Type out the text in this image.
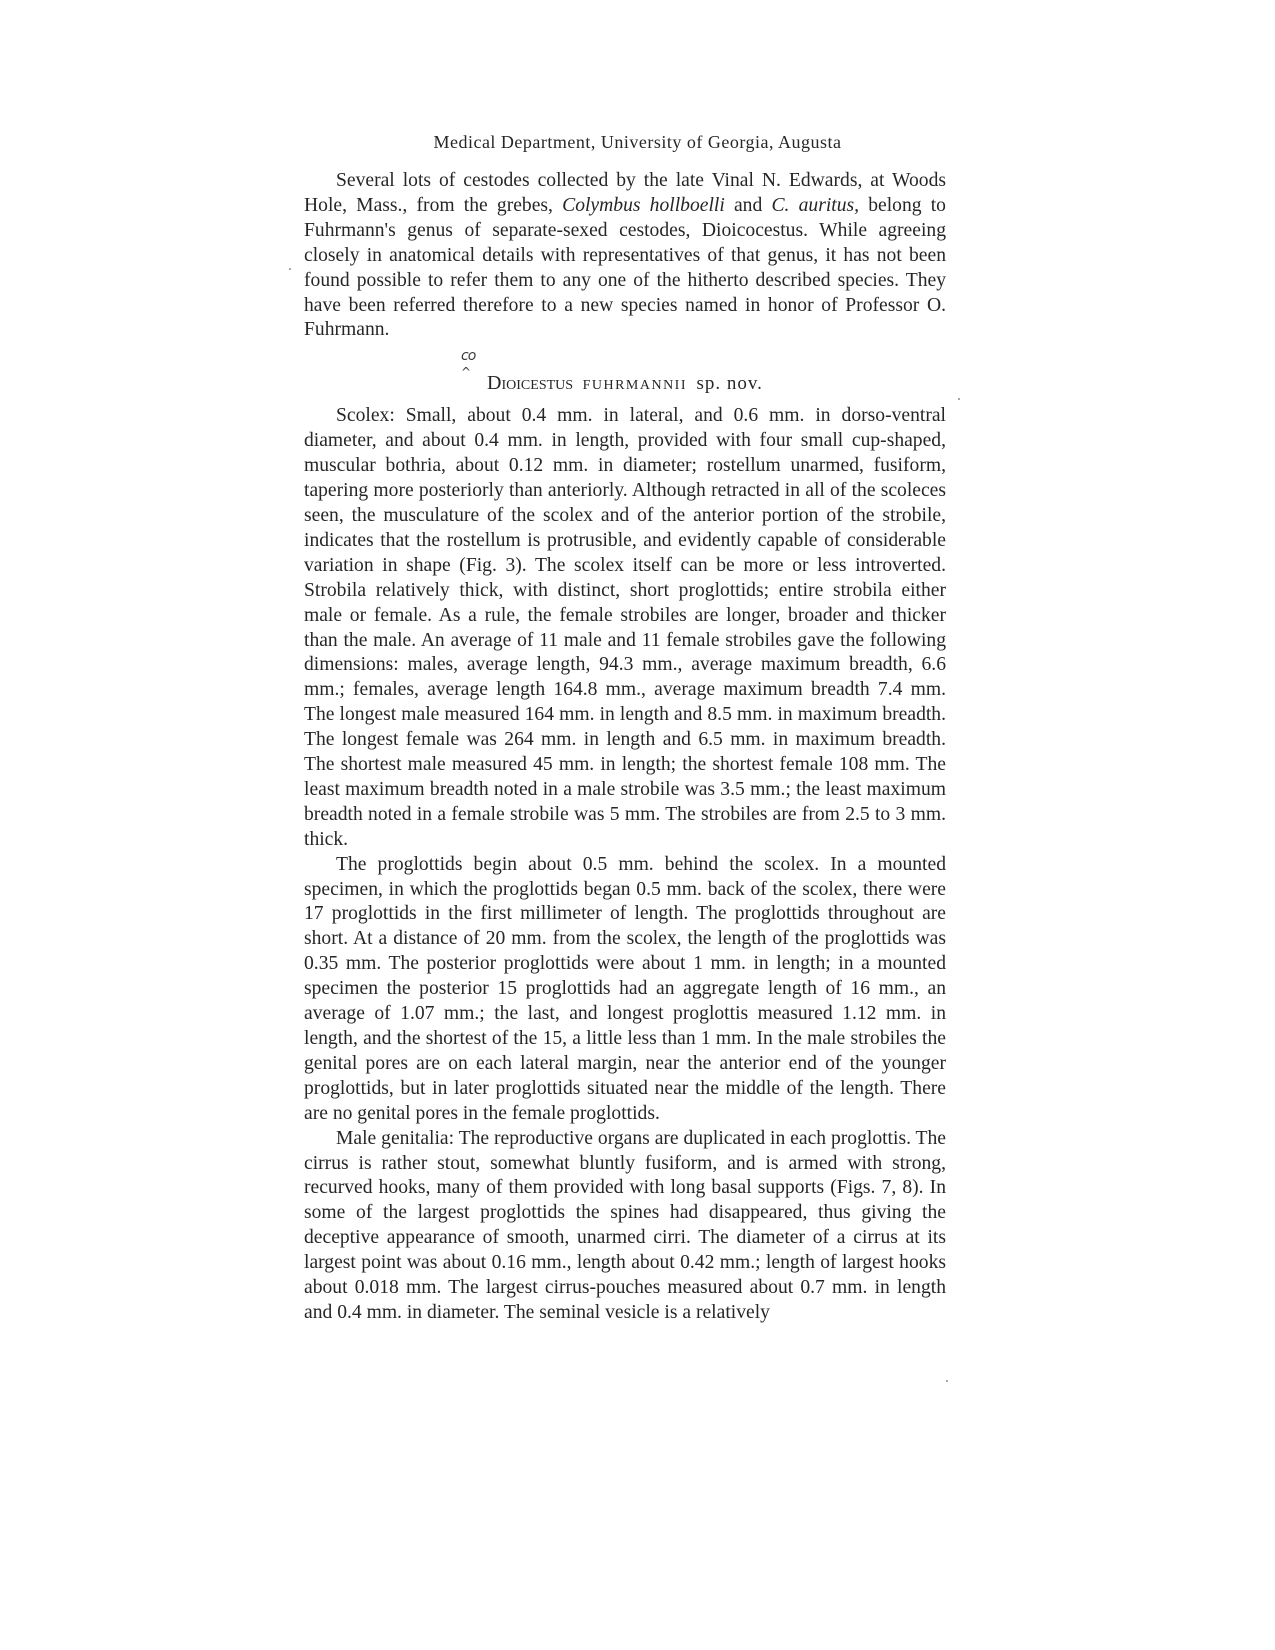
Medical Department, University of Georgia, Augusta
co
^

Several lots of cestodes collected by the late Vinal N. Edwards, at Woods Hole, Mass., from the grebes, Colymbus hollboelli and C. auritus, belong to Fuhrmann's genus of separate-sexed cestodes, Dioicocestus. While agreeing closely in anatomical details with representatives of that genus, it has not been found possible to refer them to any one of the hitherto described species. They have been referred therefore to a new species named in honor of Professor O. Fuhrmann.

Dioicestus fuhrmannii sp. nov.

Scolex: Small, about 0.4 mm. in lateral, and 0.6 mm. in dorso-ventral diameter, and about 0.4 mm. in length, provided with four small cup-shaped, muscular bothria, about 0.12 mm. in diameter; rostellum unarmed, fusiform, tapering more posteriorly than anteriorly. Although retracted in all of the scoleces seen, the musculature of the scolex and of the anterior portion of the strobile, indicates that the rostellum is protrusible, and evidently capable of considerable variation in shape (Fig. 3). The scolex itself can be more or less introverted. Strobila relatively thick, with distinct, short proglottids; entire strobila either male or female. As a rule, the female strobiles are longer, broader and thicker than the male. An average of 11 male and 11 female strobiles gave the following dimensions: males, average length, 94.3 mm., average maximum breadth, 6.6 mm.; females, average length 164.8 mm., average maximum breadth 7.4 mm. The longest male measured 164 mm. in length and 8.5 mm. in maximum breadth. The longest female was 264 mm. in length and 6.5 mm. in maximum breadth. The shortest male measured 45 mm. in length; the shortest female 108 mm. The least maximum breadth noted in a male strobile was 3.5 mm.; the least maximum breadth noted in a female strobile was 5 mm. The strobiles are from 2.5 to 3 mm. thick.

The proglottids begin about 0.5 mm. behind the scolex. In a mounted specimen, in which the proglottids began 0.5 mm. back of the scolex, there were 17 proglottids in the first millimeter of length. The proglottids throughout are short. At a distance of 20 mm. from the scolex, the length of the proglottids was 0.35 mm. The posterior proglottids were about 1 mm. in length; in a mounted specimen the posterior 15 proglottids had an aggregate length of 16 mm., an average of 1.07 mm.; the last, and longest proglottis measured 1.12 mm. in length, and the shortest of the 15, a little less than 1 mm. In the male strobiles the genital pores are on each lateral margin, near the anterior end of the younger proglottids, but in later proglottids situated near the middle of the length. There are no genital pores in the female proglottids.

Male genitalia: The reproductive organs are duplicated in each proglottis. The cirrus is rather stout, somewhat bluntly fusiform, and is armed with strong, recurved hooks, many of them provided with long basal supports (Figs. 7, 8). In some of the largest proglottids the spines had disappeared, thus giving the deceptive appearance of smooth, unarmed cirri. The diameter of a cirrus at its largest point was about 0.16 mm., length about 0.42 mm.; length of largest hooks about 0.018 mm. The largest cirrus-pouches measured about 0.7 mm. in length and 0.4 mm. in diameter. The seminal vesicle is a relatively
